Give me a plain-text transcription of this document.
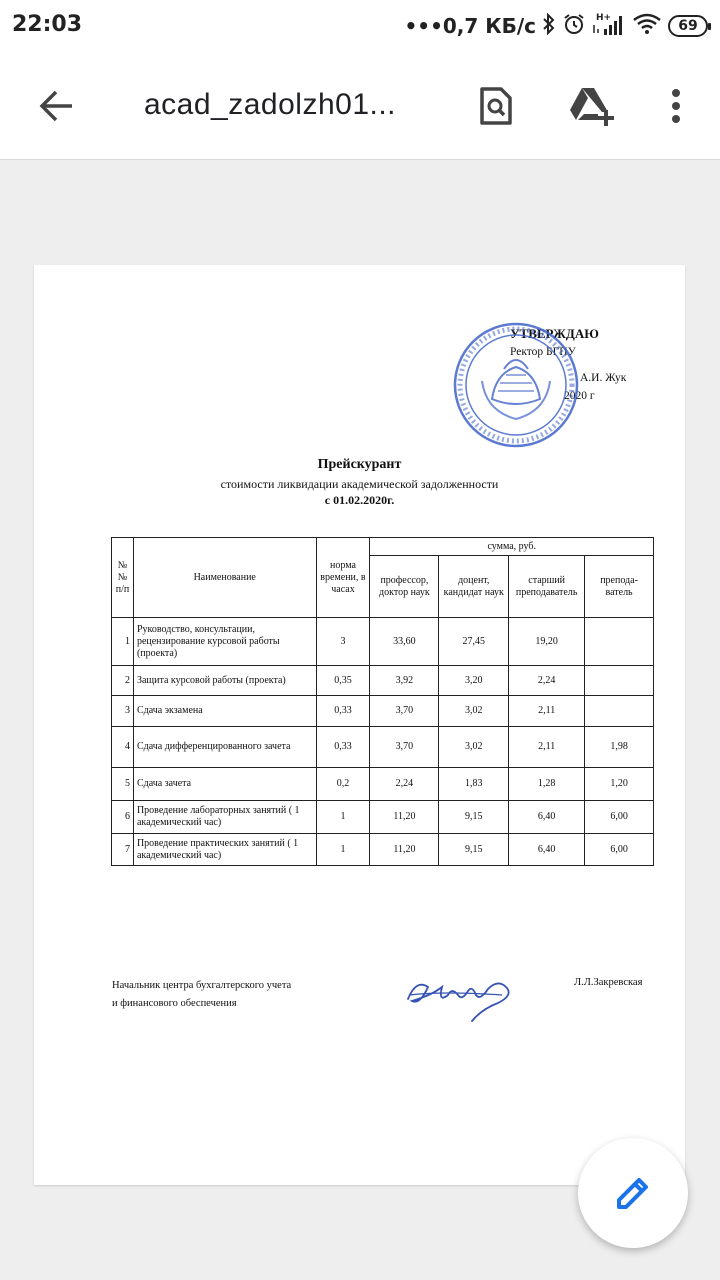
22:03	•••0,7 КБ/с	H+	69
acad_zadolzh01...
УТВЕРЖДАЮ
Ректор БГПУ
А.И. Жук
2020 г
Прейскурант
стоимости ликвидации академической задолженности
с 01.02.2020г.
№ № п/п	Наименование	норма времени, в часах	сумма, руб.			
			профессор, доктор наук	доцент, кандидат наук	старший преподаватель	препода-ватель
1	Руководство, консультации, рецензирование курсовой работы (проекта)	3	33,60	27,45	19,20	
2	Защита курсовой работы (проекта)	0,35	3,92	3,20	2,24	
3	Сдача экзамена	0,33	3,70	3,02	2,11	
4	Сдача дифференцированного зачета	0,33	3,70	3,02	2,11	1,98
5	Сдача зачета	0,2	2,24	1,83	1,28	1,20
6	Проведение лабораторных занятий ( 1 академический час)	1	11,20	9,15	6,40	6,00
7	Проведение практических занятий ( 1 академический час)	1	11,20	9,15	6,40	6,00
Начальник центра бухгалтерского учета
и финансового обеспечения
Л.Л.Закревская
